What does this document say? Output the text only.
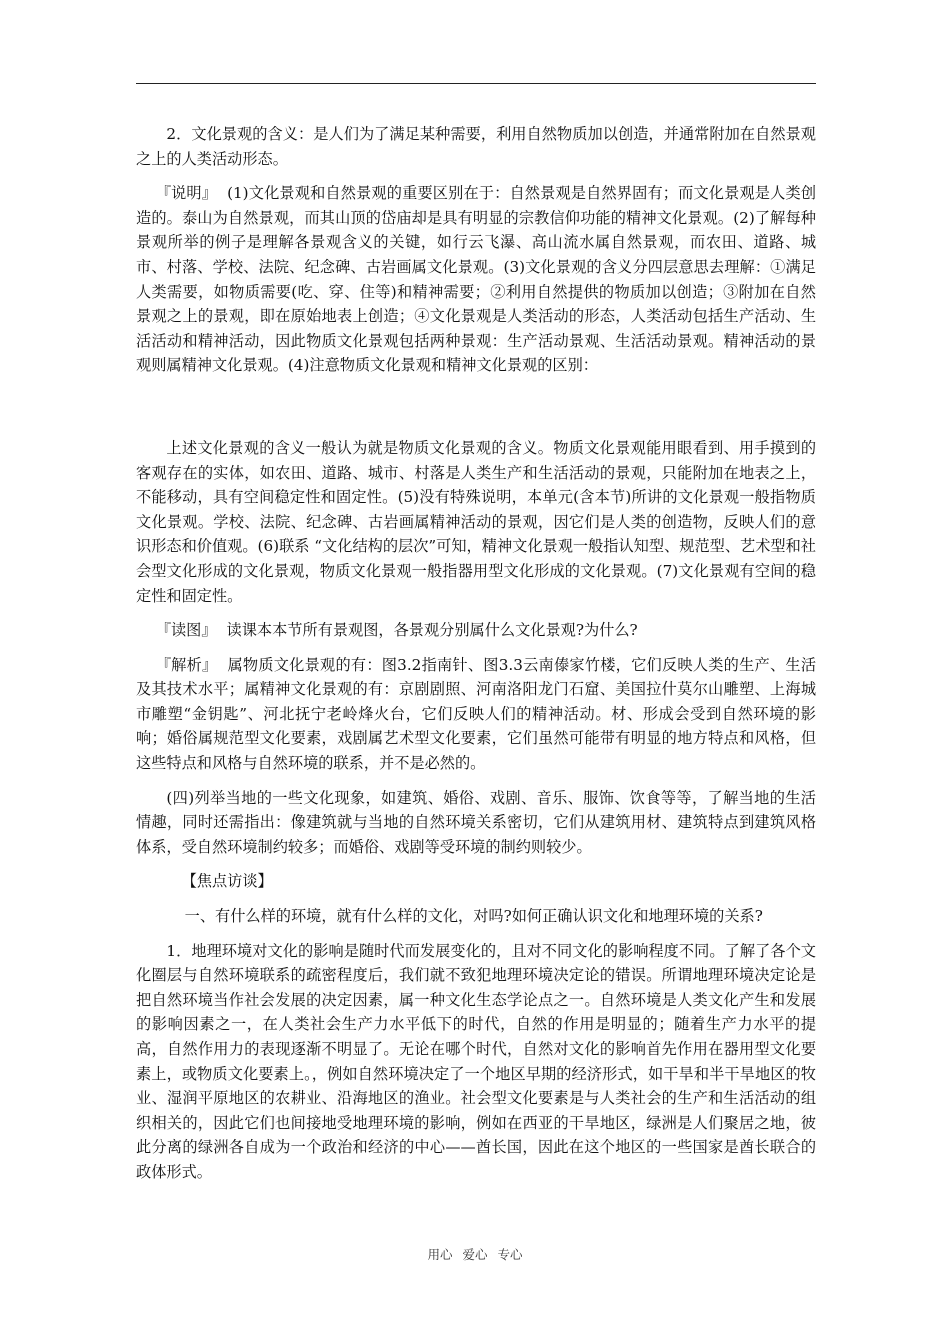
2．文化景观的含义：是人们为了满足某种需要，利用自然物质加以创造，并通常附加在自然景观之上的人类活动形态。

『说明』 (1)文化景观和自然景观的重要区别在于：自然景观是自然界固有；而文化景观是人类创造的。泰山为自然景观，而其山顶的岱庙却是具有明显的宗教信仰功能的精神文化景观。(2)了解每种景观所举的例子是理解各景观含义的关键，如行云飞瀑、高山流水属自然景观，而农田、道路、城市、村落、学校、法院、纪念碑、古岩画属文化景观。(3)文化景观的含义分四层意思去理解：①满足人类需要，如物质需要(吃、穿、住等)和精神需要；②利用自然提供的物质加以创造；③附加在自然景观之上的景观，即在原始地表上创造；④文化景观是人类活动的形态，人类活动包括生产活动、生活活动和精神活动，因此物质文化景观包括两种景观：生产活动景观、生活活动景观。精神活动的景观则属精神文化景观。(4)注意物质文化景观和精神文化景观的区别：

上述文化景观的含义一般认为就是物质文化景观的含义。物质文化景观能用眼看到、用手摸到的客观存在的实体，如农田、道路、城市、村落是人类生产和生活活动的景观，只能附加在地表之上，不能移动，具有空间稳定性和固定性。(5)没有特殊说明，本单元(含本节)所讲的文化景观一般指物质文化景观。学校、法院、纪念碑、古岩画属精神活动的景观，因它们是人类的创造物，反映人们的意识形态和价值观。(6)联系 “文化结构的层次”可知，精神文化景观一般指认知型、规范型、艺术型和社会型文化形成的文化景观，物质文化景观一般指器用型文化形成的文化景观。(7)文化景观有空间的稳定性和固定性。

『读图』 读课本本节所有景观图，各景观分别属什么文化景观?为什么?

『解析』 属物质文化景观的有：图3.2指南针、图3.3云南傣家竹楼，它们反映人类的生产、生活及其技术水平；属精神文化景观的有：京剧剧照、河南洛阳龙门石窟、美国拉什莫尔山雕塑、上海城市雕塑“金钥匙”、河北抚宁老岭烽火台，它们反映人们的精神活动。材、形成会受到自然环境的影响；婚俗属规范型文化要素，戏剧属艺术型文化要素，它们虽然可能带有明显的地方特点和风格，但这些特点和风格与自然环境的联系，并不是必然的。

(四)列举当地的一些文化现象，如建筑、婚俗、戏剧、音乐、服饰、饮食等等，了解当地的生活情趣，同时还需指出：像建筑就与当地的自然环境关系密切，它们从建筑用材、建筑特点到建筑风格体系，受自然环境制约较多；而婚俗、戏剧等受环境的制约则较少。

【焦点访谈】

一、有什么样的环境，就有什么样的文化，对吗?如何正确认识文化和地理环境的关系?

1．地理环境对文化的影响是随时代而发展变化的，且对不同文化的影响程度不同。了解了各个文化圈层与自然环境联系的疏密程度后，我们就不致犯地理环境决定论的错误。所谓地理环境决定论是把自然环境当作社会发展的决定因素，属一种文化生态学论点之一。自然环境是人类文化产生和发展的影响因素之一，在人类社会生产力水平低下的时代，自然的作用是明显的；随着生产力水平的提高，自然作用力的表现逐渐不明显了。无论在哪个时代，自然对文化的影响首先作用在器用型文化要素上，或物质文化要素上。，例如自然环境决定了一个地区早期的经济形式，如干旱和半干旱地区的牧业、湿润平原地区的农耕业、沿海地区的渔业。社会型文化要素是与人类社会的生产和生活活动的组织相关的，因此它们也间接地受地理环境的影响，例如在西亚的干旱地区，绿洲是人们聚居之地，彼此分离的绿洲各自成为一个政治和经济的中心——酋长国，因此在这个地区的一些国家是酋长联合的政体形式。

用心 爱心 专心
